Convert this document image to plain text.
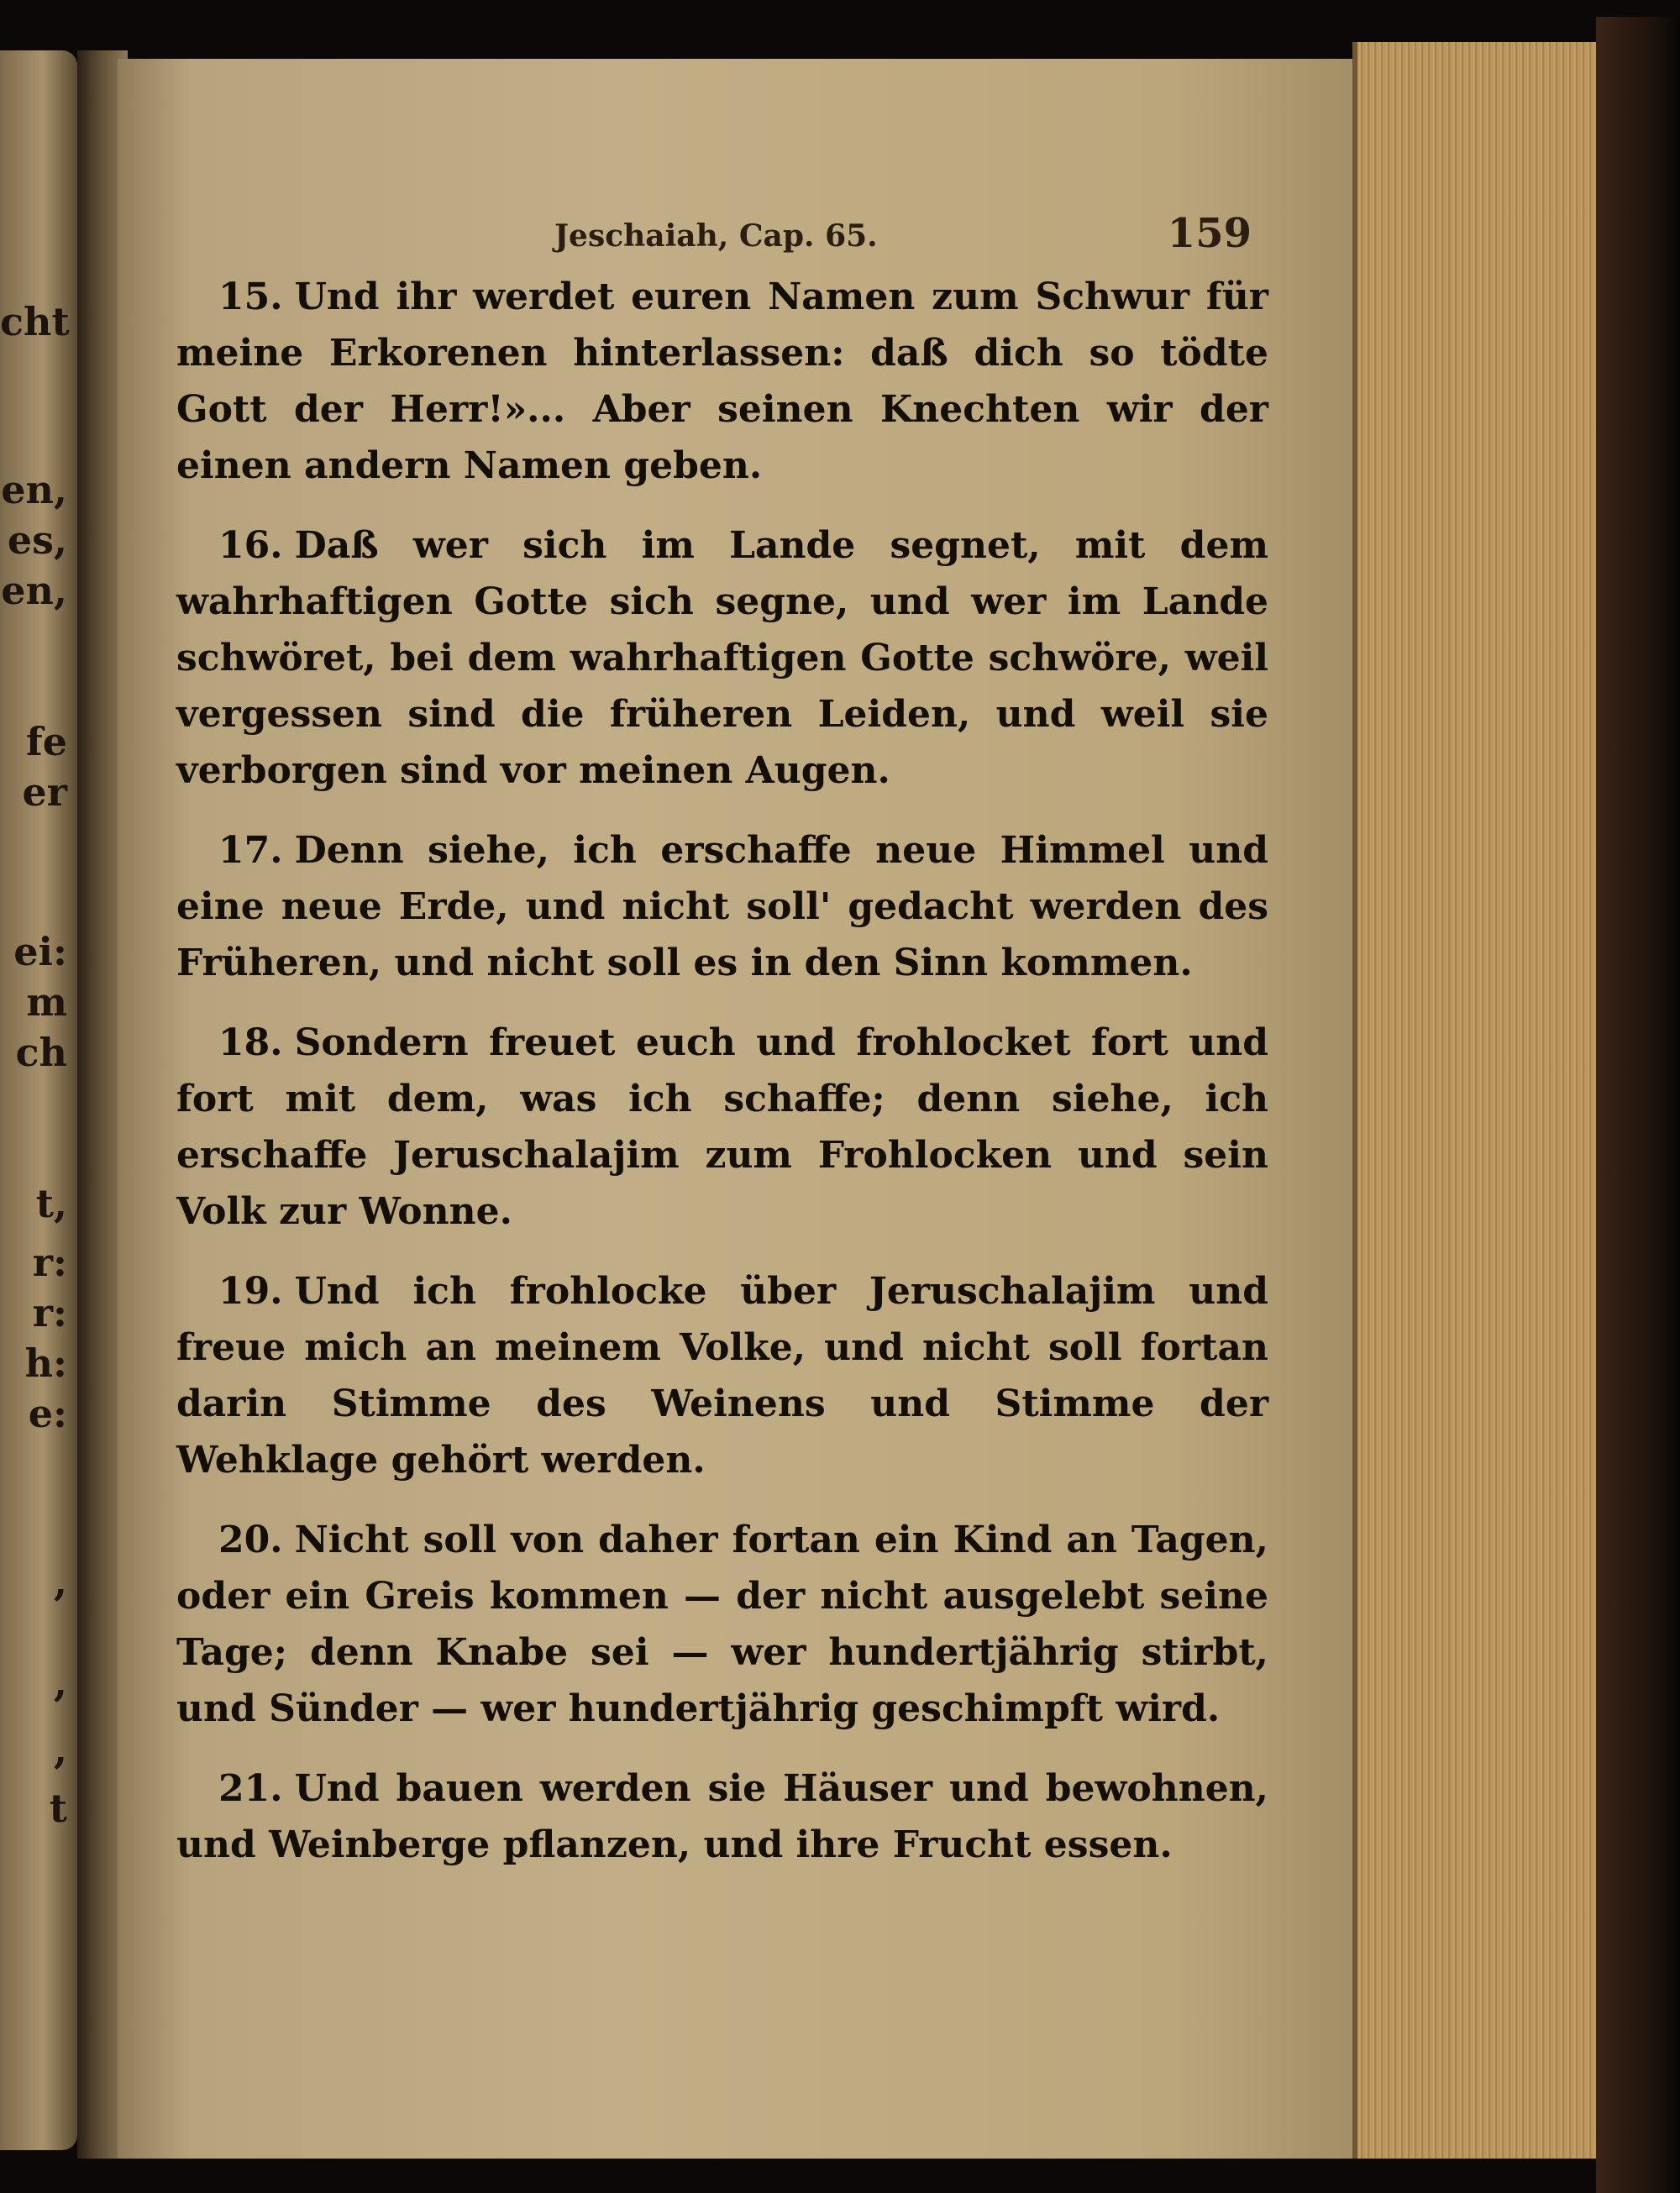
cht
en,
es,
en,
fe
er
ei:
m
ch
t,
r:
r:
h:
e:
,
,
,
t
Jeschaiah, Cap. 65.	159

15. Und ihr werdet euren Namen zum Schwur für meine Erkorenen hinterlassen: daß dich so tödte Gott der Herr!»... Aber seinen Knechten wir der einen andern Namen geben.

16. Daß wer sich im Lande segnet, mit dem wahrhaftigen Gotte sich segne, und wer im Lande schwöret, bei dem wahrhaftigen Gotte schwöre, weil vergessen sind die früheren Leiden, und weil sie verborgen sind vor meinen Augen.

17. Denn siehe, ich erschaffe neue Himmel und eine neue Erde, und nicht soll' gedacht werden des Früheren, und nicht soll es in den Sinn kommen.

18. Sondern freuet euch und frohlocket fort und fort mit dem, was ich schaffe; denn siehe, ich erschaffe Jeruschalajim zum Frohlocken und sein Volk zur Wonne.

19. Und ich frohlocke über Jeruschalajim und freue mich an meinem Volke, und nicht soll fortan darin Stimme des Weinens und Stimme der Wehklage gehört werden.

20. Nicht soll von daher fortan ein Kind an Tagen, oder ein Greis kommen — der nicht ausgelebt seine Tage; denn Knabe sei — wer hundertjährig stirbt, und Sünder — wer hundertjährig geschimpft wird.

21. Und bauen werden sie Häuser und bewohnen, und Weinberge pflanzen, und ihre Frucht essen.
